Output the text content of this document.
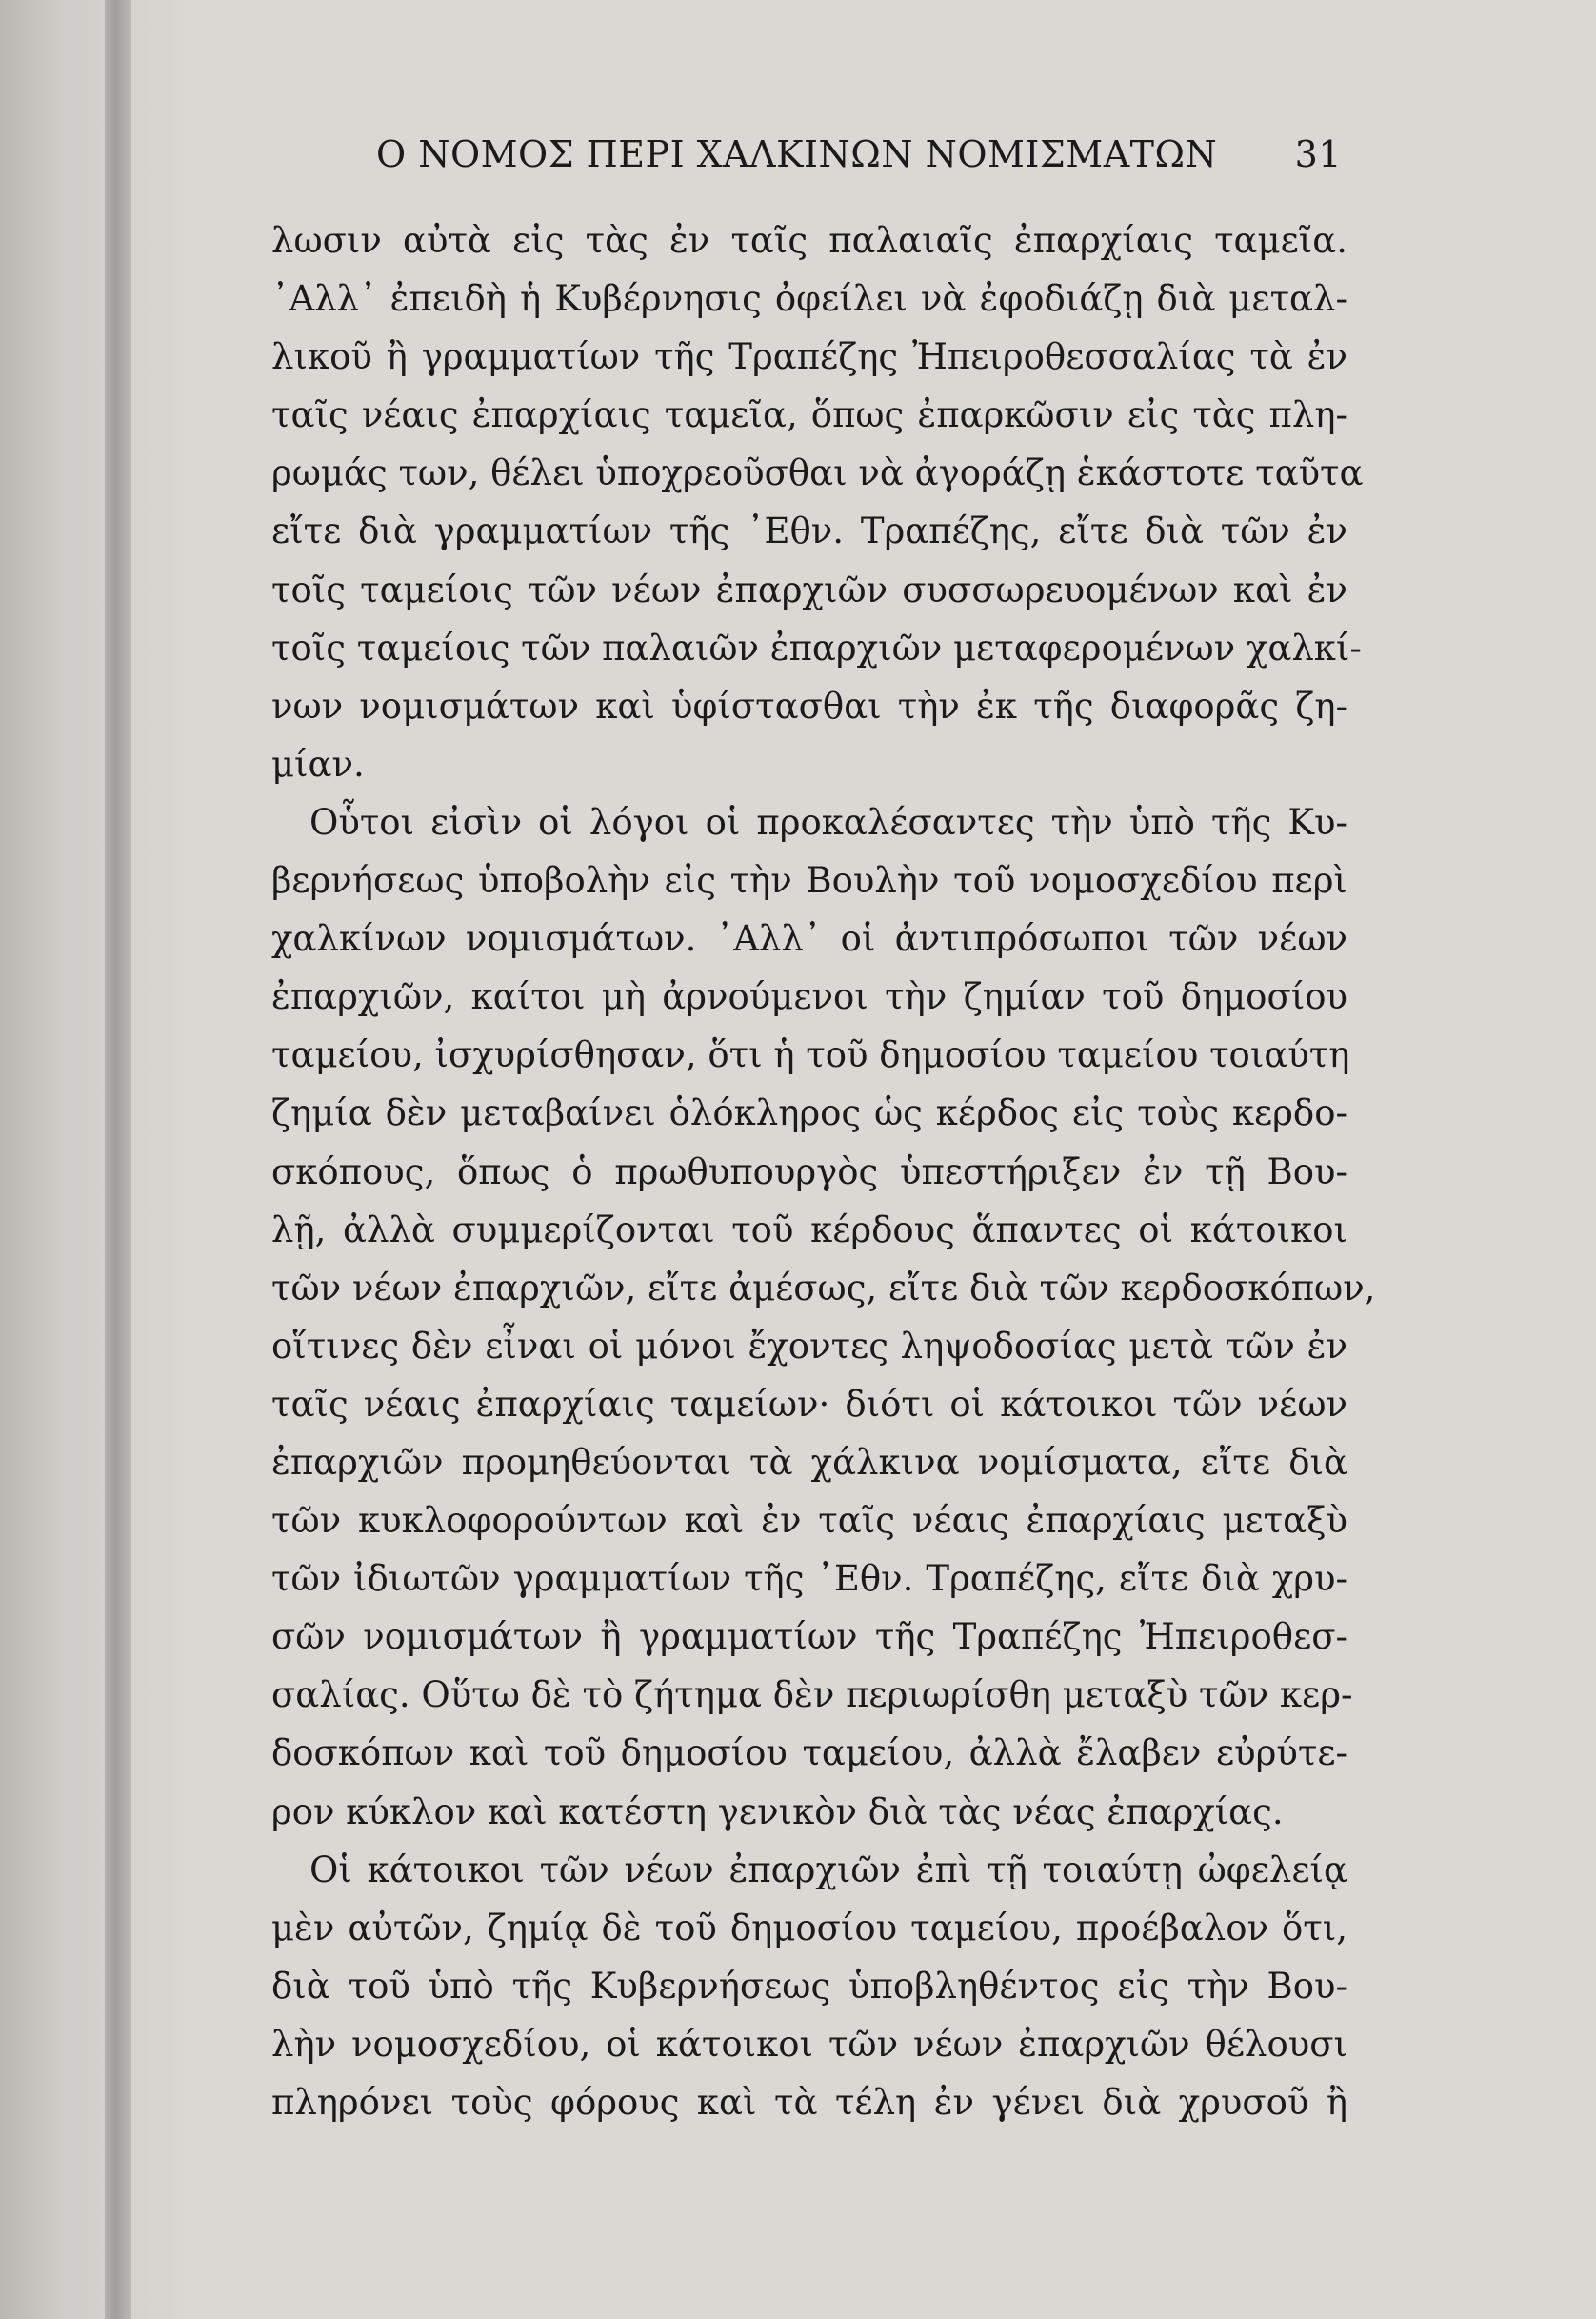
Ο ΝΟΜΟΣ ΠΕΡΙ ΧΑΛΚΙΝΩΝ ΝΟΜΙΣΜΑΤΩΝ 31

λωσιν αὐτὰ εἰς τὰς ἐν ταῖς παλαιαῖς ἐπαρχίαις ταμεῖα.
᾿Αλλ᾿ ἐπειδὴ ἡ Κυβέρνησις ὀφείλει νὰ ἐφοδιάζῃ διὰ μεταλ-
λικοῦ ἢ γραμματίων τῆς Τραπέζης Ἠπειροθεσσαλίας τὰ ἐν
ταῖς νέαις ἐπαρχίαις ταμεῖα, ὅπως ἐπαρκῶσιν εἰς τὰς πλη-
ρωμάς των, θέλει ὑποχρεοῦσθαι νὰ ἀγοράζῃ ἑκάστοτε ταῦτα
εἴτε διὰ γραμματίων τῆς ᾿Εθν. Τραπέζης, εἴτε διὰ τῶν ἐν
τοῖς ταμείοις τῶν νέων ἐπαρχιῶν συσσωρευομένων καὶ ἐν
τοῖς ταμείοις τῶν παλαιῶν ἐπαρχιῶν μεταφερομένων χαλκί-
νων νομισμάτων καὶ ὑφίστασθαι τὴν ἐκ τῆς διαφορᾶς ζη-
μίαν.

Οὗτοι εἰσὶν οἱ λόγοι οἱ προκαλέσαντες τὴν ὑπὸ τῆς Κυ-
βερνήσεως ὑποβολὴν εἰς τὴν Βουλὴν τοῦ νομοσχεδίου περὶ
χαλκίνων νομισμάτων. ᾿Αλλ᾿ οἱ ἀντιπρόσωποι τῶν νέων
ἐπαρχιῶν, καίτοι μὴ ἀρνούμενοι τὴν ζημίαν τοῦ δημοσίου
ταμείου, ἰσχυρίσθησαν, ὅτι ἡ τοῦ δημοσίου ταμείου τοιαύτη
ζημία δὲν μεταβαίνει ὁλόκληρος ὡς κέρδος εἰς τοὺς κερδο-
σκόπους, ὅπως ὁ πρωθυπουργὸς ὑπεστήριξεν ἐν τῇ Βου-
λῇ, ἀλλὰ συμμερίζονται τοῦ κέρδους ἅπαντες οἱ κάτοικοι
τῶν νέων ἐπαρχιῶν, εἴτε ἀμέσως, εἴτε διὰ τῶν κερδοσκόπων,
οἵτινες δὲν εἶναι οἱ μόνοι ἔχοντες ληψοδοσίας μετὰ τῶν ἐν
ταῖς νέαις ἐπαρχίαις ταμείων· διότι οἱ κάτοικοι τῶν νέων
ἐπαρχιῶν προμηθεύονται τὰ χάλκινα νομίσματα, εἴτε διὰ
τῶν κυκλοφορούντων καὶ ἐν ταῖς νέαις ἐπαρχίαις μεταξὺ
τῶν ἰδιωτῶν γραμματίων τῆς ᾿Εθν. Τραπέζης, εἴτε διὰ χρυ-
σῶν νομισμάτων ἢ γραμματίων τῆς Τραπέζης Ἠπειροθεσ-
σαλίας. Οὕτω δὲ τὸ ζήτημα δὲν περιωρίσθη μεταξὺ τῶν κερ-
δοσκόπων καὶ τοῦ δημοσίου ταμείου, ἀλλὰ ἔλαβεν εὐρύτε-
ρον κύκλον καὶ κατέστη γενικὸν διὰ τὰς νέας ἐπαρχίας.

Οἱ κάτοικοι τῶν νέων ἐπαρχιῶν ἐπὶ τῇ τοιαύτῃ ὠφελείᾳ
μὲν αὐτῶν, ζημίᾳ δὲ τοῦ δημοσίου ταμείου, προέβαλον ὅτι,
διὰ τοῦ ὑπὸ τῆς Κυβερνήσεως ὑποβληθέντος εἰς τὴν Βου-
λὴν νομοσχεδίου, οἱ κάτοικοι τῶν νέων ἐπαρχιῶν θέλουσι
πληρόνει τοὺς φόρους καὶ τὰ τέλη ἐν γένει διὰ χρυσοῦ ἢ
